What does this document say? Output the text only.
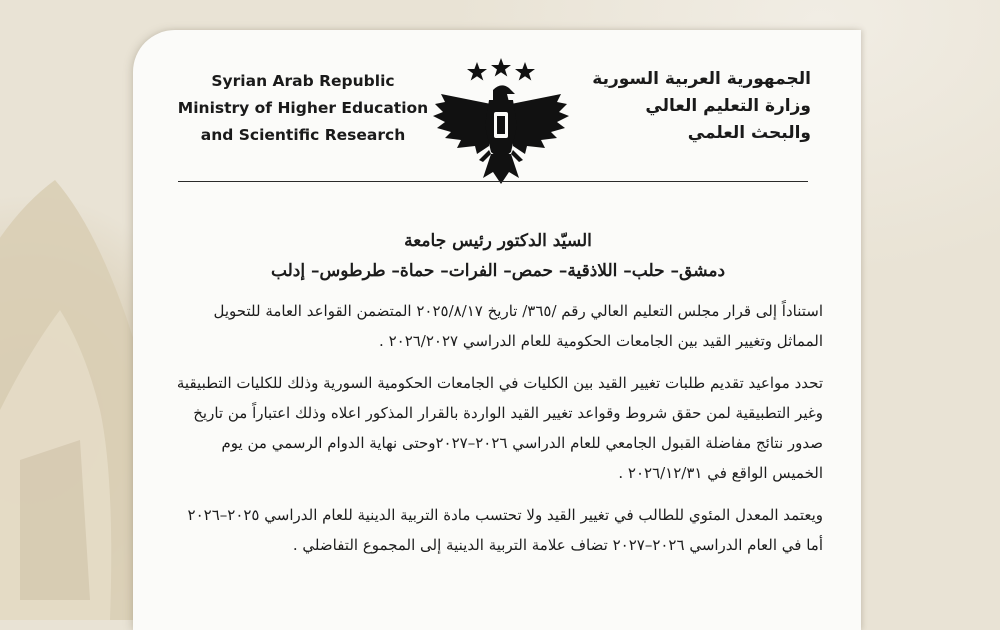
Syrian Arab Republic
Ministry of Higher Education
and Scientific Research
الجمهورية العربية السورية
وزارة التعليم العالي
والبحث العلمي
السيّد الدكتور رئيس جامعة
دمشق– حلب– اللاذقية– حمص– الفرات– حماة– طرطوس– إدلب
استناداً إلى قرار مجلس التعليم العالي رقم /٣٦٥/ تاريخ ٢٠٢٥/٨/١٧ المتضمن القواعد العامة للتحويل
المماثل وتغيير القيد بين الجامعات الحكومية للعام الدراسي ٢٠٢٦/٢٠٢٧ .
تحدد مواعيد تقديم طلبات تغيير القيد بين الكليات في الجامعات الحكومية السورية وذلك للكليات التطبيقية
وغير التطبيقية لمن حقق شروط وقواعد تغيير القيد الواردة بالقرار المذكور اعلاه وذلك اعتباراً من تاريخ
صدور نتائج مفاضلة القبول الجامعي للعام الدراسي ٢٠٢٦–٢٠٢٧وحتى نهاية الدوام الرسمي من يوم
الخميس الواقع في ٢٠٢٦/١٢/٣١ .
ويعتمد المعدل المئوي للطالب في تغيير القيد ولا تحتسب مادة التربية الدينية للعام الدراسي ٢٠٢٥–٢٠٢٦
أما في العام الدراسي ٢٠٢٦–٢٠٢٧ تضاف علامة التربية الدينية إلى المجموع التفاضلي .
